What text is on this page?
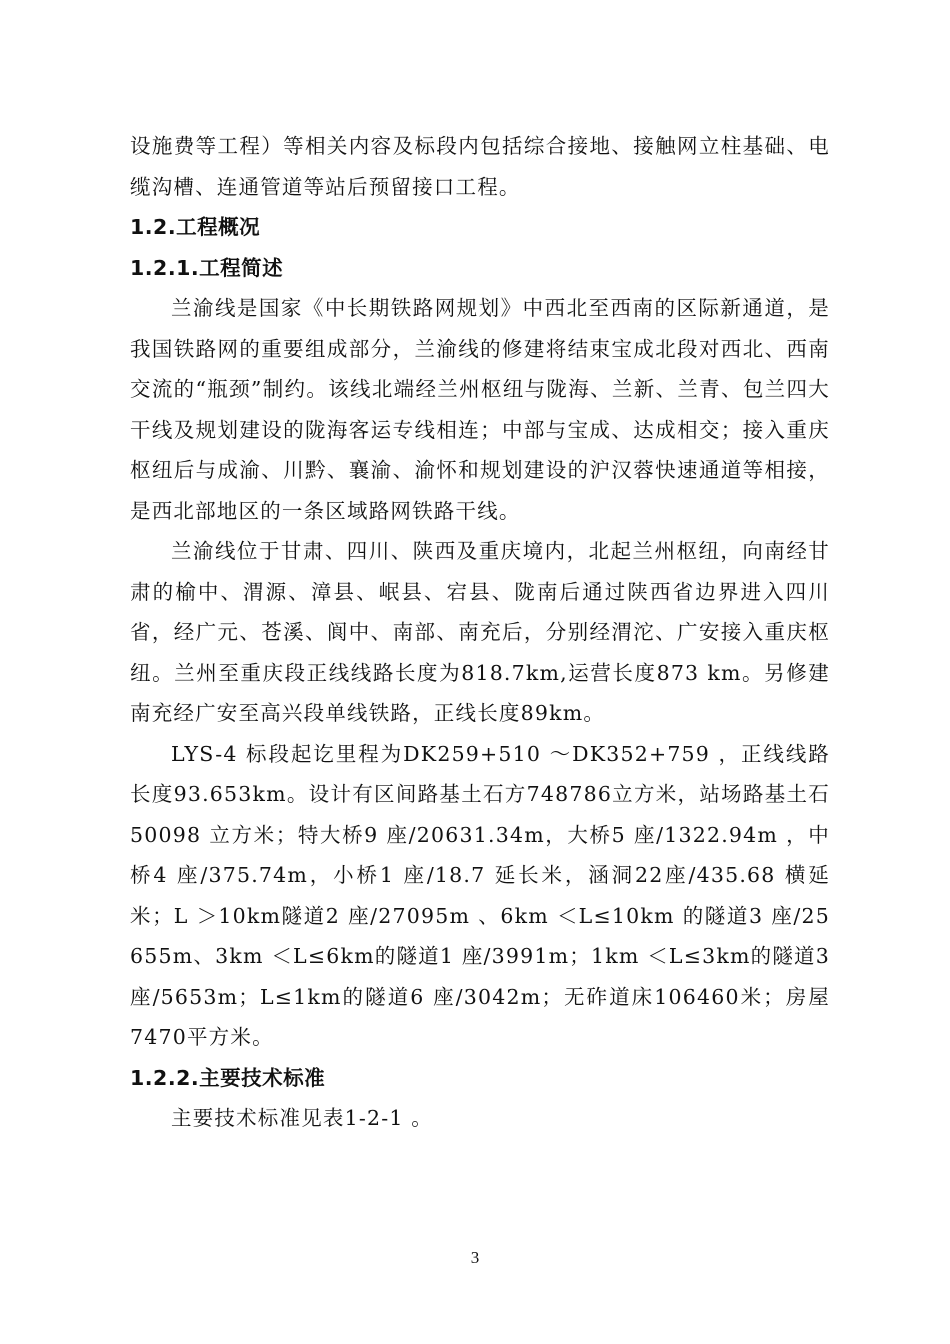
设施费等工程）等相关内容及标段内包括综合接地、接触网立柱基础、电缆沟槽、连通管道等站后预留接口工程。

1.2.工程概况
1.2.1.工程简述

兰渝线是国家《中长期铁路网规划》中西北至西南的区际新通道，是我国铁路网的重要组成部分，兰渝线的修建将结束宝成北段对西北、西南交流的“瓶颈”制约。该线北端经兰州枢纽与陇海、兰新、兰青、包兰四大干线及规划建设的陇海客运专线相连；中部与宝成、达成相交；接入重庆枢纽后与成渝、川黔、襄渝、渝怀和规划建设的沪汉蓉快速通道等相接，是西北部地区的一条区域路网铁路干线。

兰渝线位于甘肃、四川、陕西及重庆境内，北起兰州枢纽，向南经甘肃的榆中、渭源、漳县、岷县、宕县、陇南后通过陕西省边界进入四川省，经广元、苍溪、阆中、南部、南充后，分别经渭沱、广安接入重庆枢纽。兰州至重庆段正线线路长度为818.7km,运营长度873 km。另修建南充经广安至高兴段单线铁路，正线长度89km。

LYS-4 标段起讫里程为DK259+510 ～DK352+759 ，正线线路长度93.653km。设计有区间路基土石方748786立方米，站场路基土石50098 立方米；特大桥9 座/20631.34m，大桥5 座/1322.94m ，中桥4 座/375.74m，小桥1 座/18.7 延长米，涵洞22座/435.68 横延米；L ＞10km隧道2 座/27095m 、6km ＜L≤10km 的隧道3 座/25655m、3km ＜L≤6km的隧道1 座/3991m；1km ＜L≤3km的隧道3 座/5653m；L≤1km的隧道6 座/3042m；无砟道床106460米；房屋7470平方米。

1.2.2.主要技术标准

主要技术标准见表1-2-1 。

3
